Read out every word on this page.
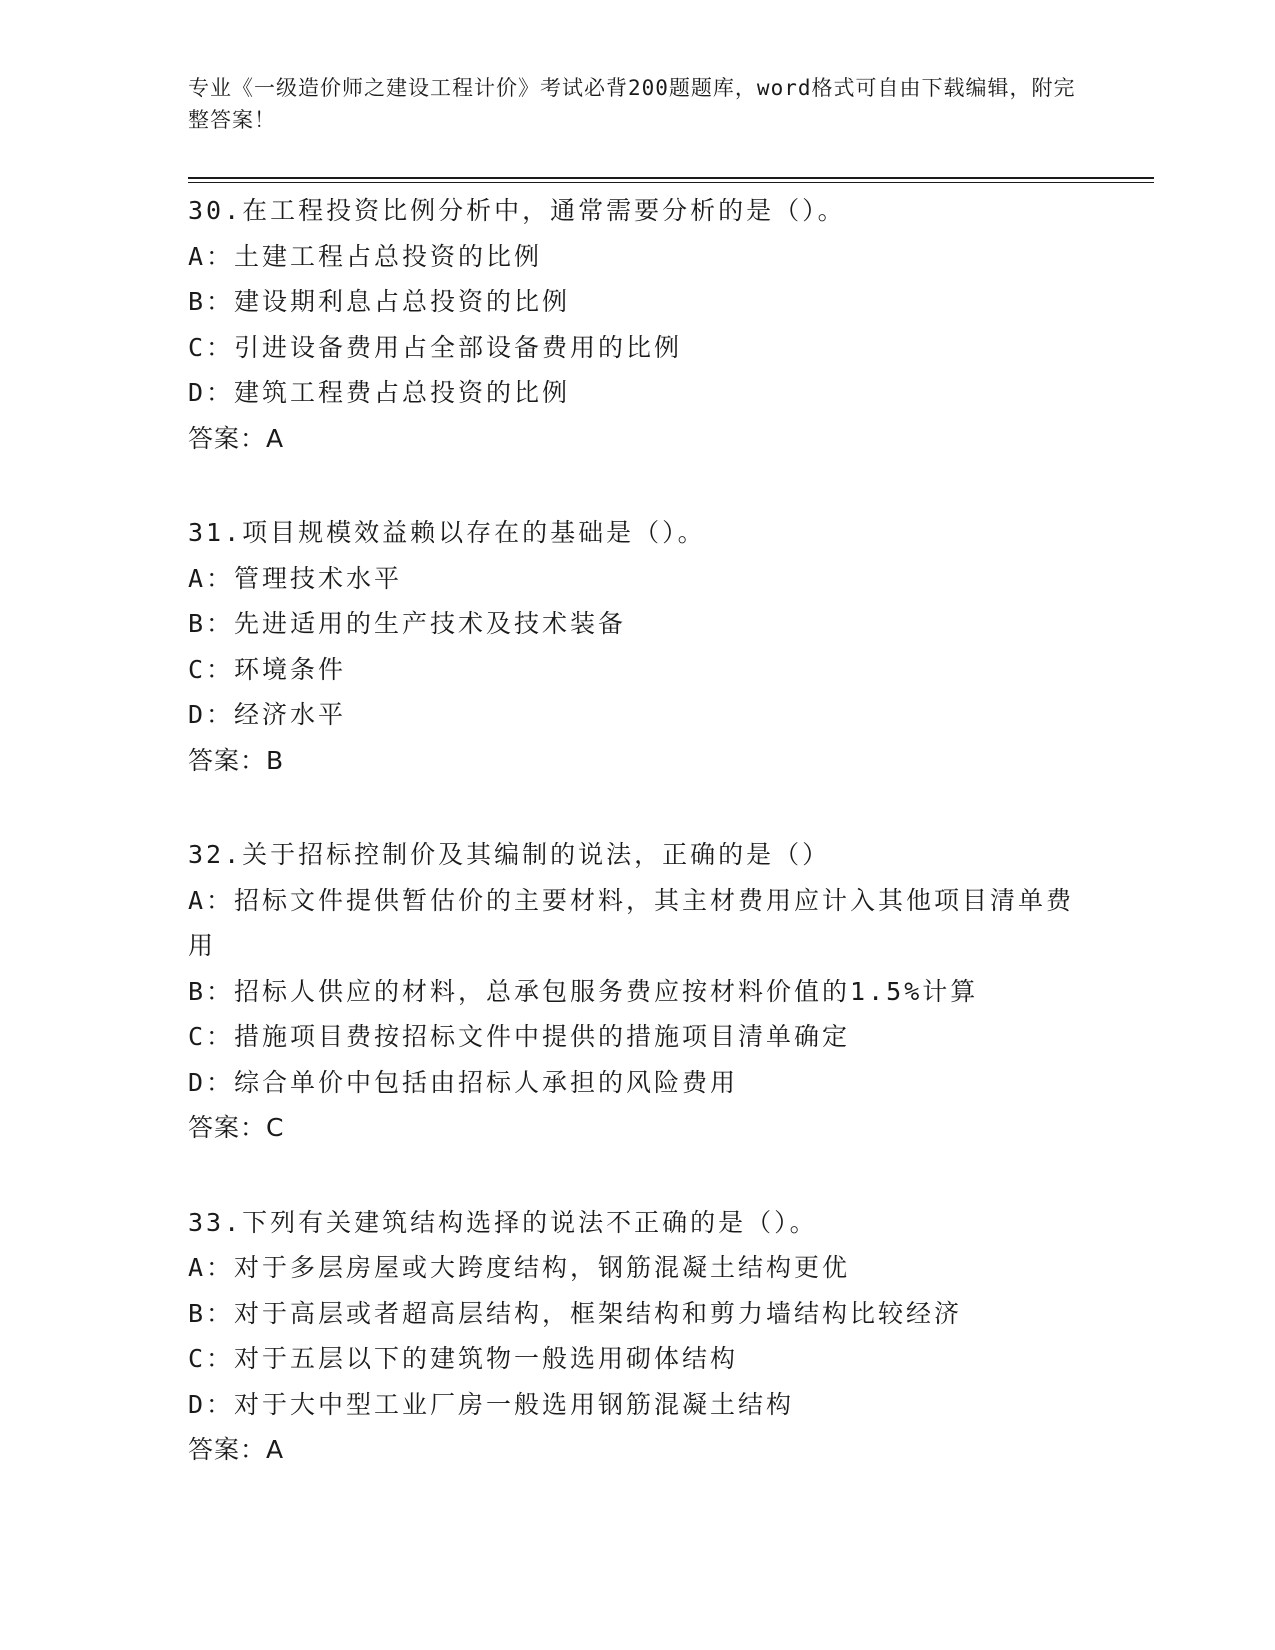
专业《一级造价师之建设工程计价》考试必背200题题库，word格式可自由下载编辑，附完整答案！
30.在工程投资比例分析中，通常需要分析的是（）。
A：土建工程占总投资的比例
B：建设期利息占总投资的比例
C：引进设备费用占全部设备费用的比例
D：建筑工程费占总投资的比例
答案：A
31.项目规模效益赖以存在的基础是（）。
A：管理技术水平
B：先进适用的生产技术及技术装备
C：环境条件
D：经济水平
答案：B
32.关于招标控制价及其编制的说法，正确的是（）
A：招标文件提供暂估价的主要材料，其主材费用应计入其他项目清单费用
B：招标人供应的材料，总承包服务费应按材料价值的1.5%计算
C：措施项目费按招标文件中提供的措施项目清单确定
D：综合单价中包括由招标人承担的风险费用
答案：C
33.下列有关建筑结构选择的说法不正确的是（）。
A：对于多层房屋或大跨度结构，钢筋混凝土结构更优
B：对于高层或者超高层结构，框架结构和剪力墙结构比较经济
C：对于五层以下的建筑物一般选用砌体结构
D：对于大中型工业厂房一般选用钢筋混凝土结构
答案：A
